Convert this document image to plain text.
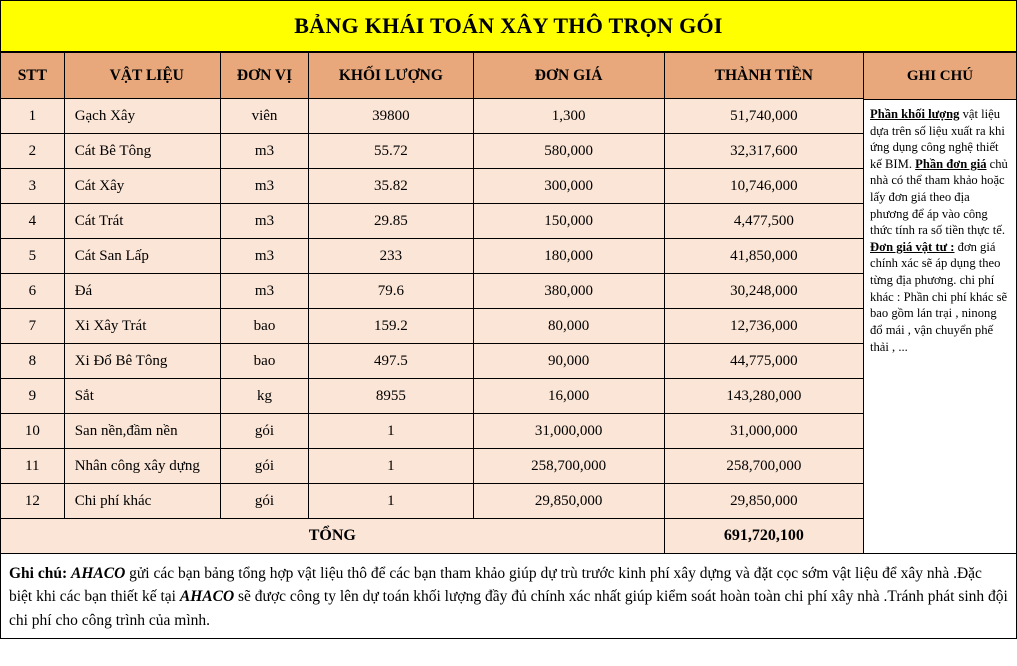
BẢNG KHÁI TOÁN XÂY THÔ TRỌN GÓI
STT	VẬT LIỆU	ĐƠN VỊ	KHỐI LƯỢNG	ĐƠN GIÁ	THÀNH TIỀN
1	Gạch Xây	viên	39800	1,300	51,740,000
2	Cát Bê Tông	m3	55.72	580,000	32,317,600
3	Cát Xây	m3	35.82	300,000	10,746,000
4	Cát Trát	m3	29.85	150,000	4,477,500
5	Cát San Lấp	m3	233	180,000	41,850,000
6	Đá	m3	79.6	380,000	30,248,000
7	Xi Xây Trát	bao	159.2	80,000	12,736,000
8	Xi Đổ Bê Tông	bao	497.5	90,000	44,775,000
9	Sắt	kg	8955	16,000	143,280,000
10	San nền,đầm nền	gói	1	31,000,000	31,000,000
11	Nhân công xây dựng	gói	1	258,700,000	258,700,000
12	Chi phí khác	gói	1	29,850,000	29,850,000
TỔNG					691,720,100
GHI CHÚ
Phần khối lượng vật liệu dựa trên số liệu xuất ra khi ứng dụng công nghệ thiết kế BIM. Phần đơn giá chủ nhà có thể tham khảo hoặc lấy đơn giá theo địa phương để áp vào công thức tính ra số tiền thực tế. Đơn giá vật tư : đơn giá chính xác sẽ áp dụng theo từng địa phương. chi phí khác : Phần chi phí khác sẽ bao gồm lán trại , ninong đổ mái , vận chuyển phế thải , ...
Ghi chú: AHACO gửi các bạn bảng tổng hợp vật liệu thô để các bạn tham khảo giúp dự trù trước kinh phí xây dựng và đặt cọc sớm vật liệu để xây nhà .Đặc biệt khi các bạn thiết kế tại AHACO sẽ được công ty lên dự toán khối lượng đầy đủ chính xác nhất giúp kiểm soát hoàn toàn chi phí xây nhà .Tránh phát sinh đội chi phí cho công trình của mình.
